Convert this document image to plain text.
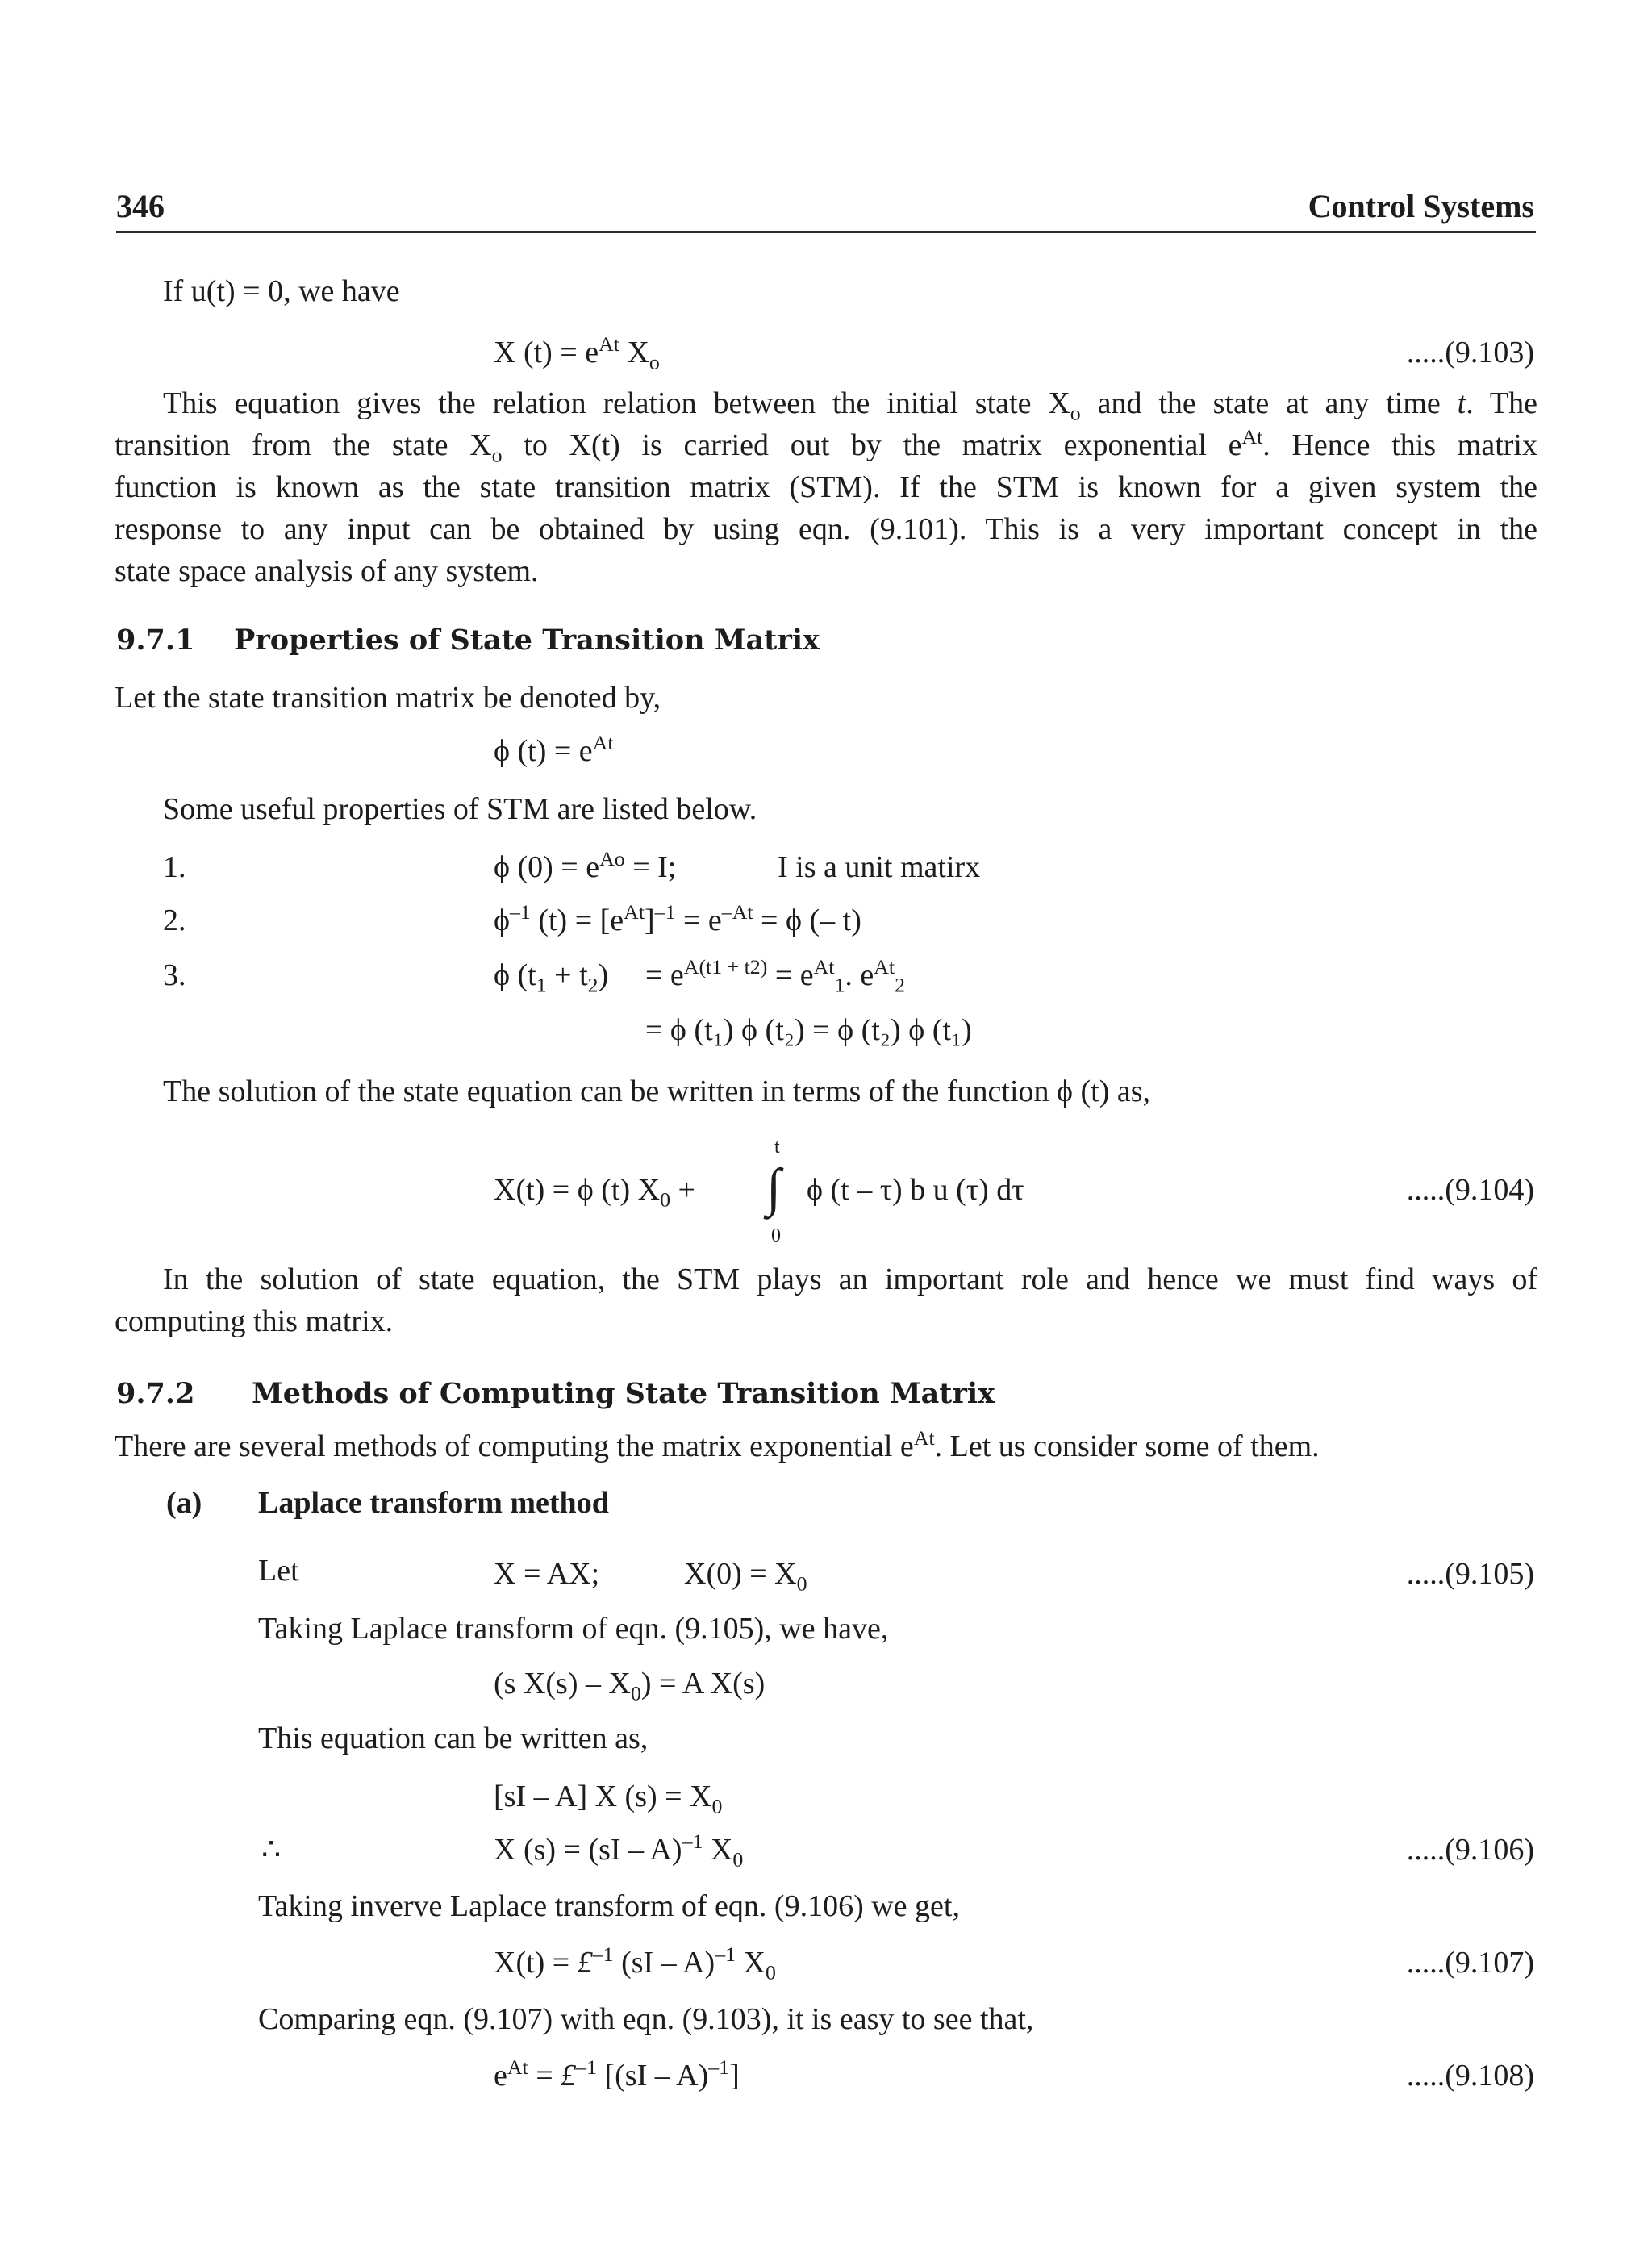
346	Control Systems
If u(t) = 0, we have
X $(t) = e^{At}$ $X_o$	.....(9.103)
This equation gives the relation relation between the initial state $X_o$ and the state at any time t. The
transition from the state $X_o$ to X(t) is carried out by the matrix exponential $e^{At}$. Hence this matrix
function is known as the state transition matrix (STM). If the STM is known for a given system the
response to any input can be obtained by using eqn. (9.101). This is a very important concept in the
state space analysis of any system.
9.7.1 Properties of State Transition Matrix
Let the state transition matrix be denoted by,
ϕ $(t) = e^{At}$
Some useful properties of STM are listed below.
1.	ϕ $(0) = e^{Ao} = I$;	I is a unit matirx
2.	$\phi^{-1}$ $(t) = [e^{At}]^{-1} = e^{-At} = \phi$ (– t)
3.	ϕ $(t_1 + t_2) = e^{A(t1 + t2)} = e^{At}_1$. $e^{At}_2$
= ϕ (t₁) ϕ (t₂) = ϕ (t₂) ϕ (t₁)
The solution of the state equation can be written in terms of the function ϕ (t) as,
X(t) = ϕ (t) $X_0$ +
t
∫
0
ϕ (t – τ) b u (τ) dτ	.....(9.104)
In the solution of state equation, the STM plays an important role and hence we must find ways of
computing this matrix.
9.7.2 Methods of Computing State Transition Matrix
There are several methods of computing the matrix exponential $e^{At}$. Let us consider some of them.
(a) Laplace transform method
Let	X = AX;	$X(0) = X_0$	.....(9.105)
Taking Laplace transform of eqn. (9.105), we have,
(s $X(s) - X_0) = A$ X(s)
This equation can be written as,
[sI – A] X $(s) = X_0$
∴	X (s) = (sI – A)$^{-1}$ $X_0$	.....(9.106)
Taking inverve Laplace transform of eqn. (9.106) we get,
X(t) = £$^{-1}$ (sI – A)$^{-1}$ $X_0$	.....(9.107)
Comparing eqn. (9.107) with eqn. (9.103), it is easy to see that,
$e^{At}$ = £$^{-1}$ [(sI – A)$^{-1}$]	.....(9.108)
